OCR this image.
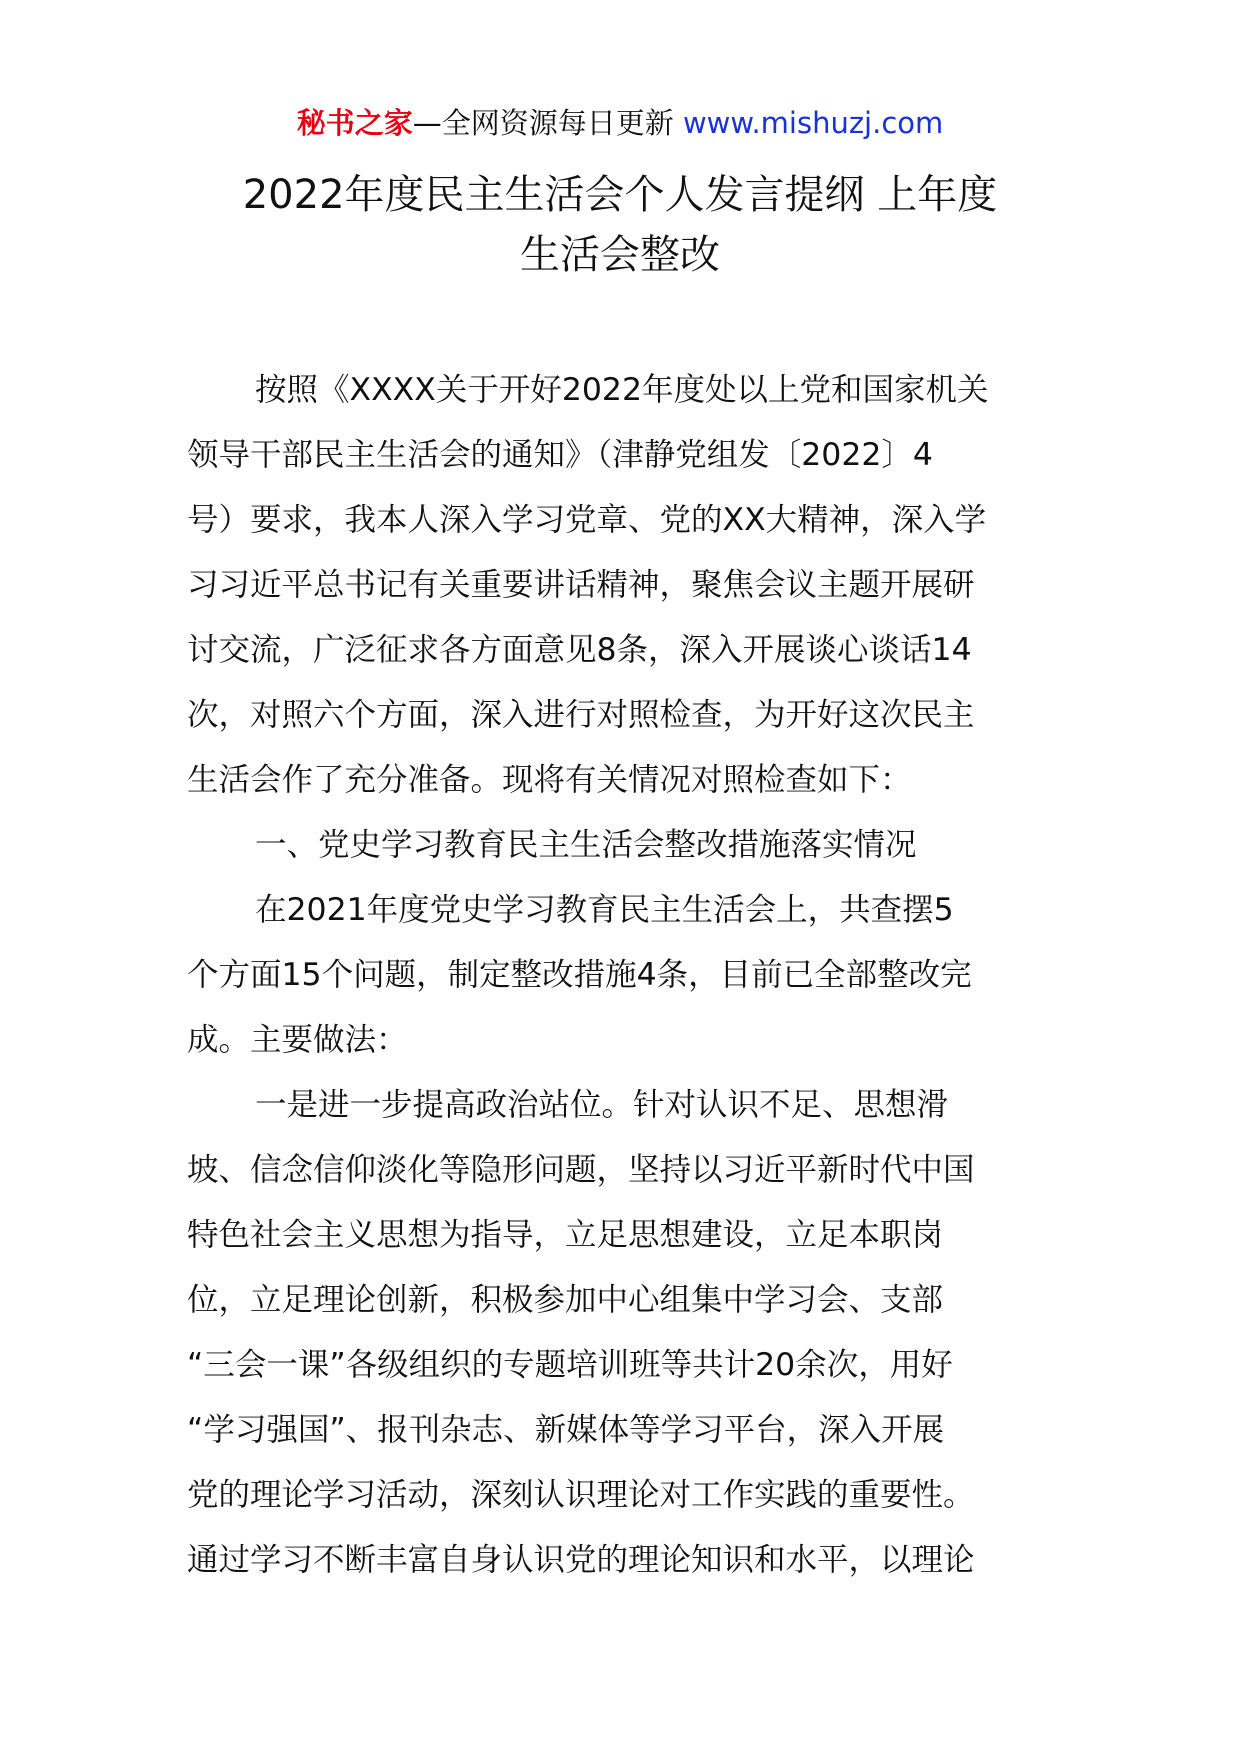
秘书之家—全网资源每日更新 www.mishuzj.com
2022年度民主生活会个人发言提纲 上年度
生活会整改
按照《XXXX关于开好2022年度处以上党和国家机关
领导干部民主生活会的通知》（津静党组发〔2022〕4
号）要求，我本人深入学习党章、党的XX大精神，深入学
习习近平总书记有关重要讲话精神，聚焦会议主题开展研
讨交流，广泛征求各方面意见8条，深入开展谈心谈话14
次，对照六个方面，深入进行对照检查，为开好这次民主
生活会作了充分准备。现将有关情况对照检查如下：
一、党史学习教育民主生活会整改措施落实情况
在2021年度党史学习教育民主生活会上，共查摆5
个方面15个问题，制定整改措施4条，目前已全部整改完
成。主要做法：
一是进一步提高政治站位。针对认识不足、思想滑
坡、信念信仰淡化等隐形问题，坚持以习近平新时代中国
特色社会主义思想为指导，立足思想建设，立足本职岗
位，立足理论创新，积极参加中心组集中学习会、支部
“三会一课”各级组织的专题培训班等共计20余次，用好
“学习强国”、报刊杂志、新媒体等学习平台，深入开展
党的理论学习活动，深刻认识理论对工作实践的重要性。
通过学习不断丰富自身认识党的理论知识和水平，以理论
